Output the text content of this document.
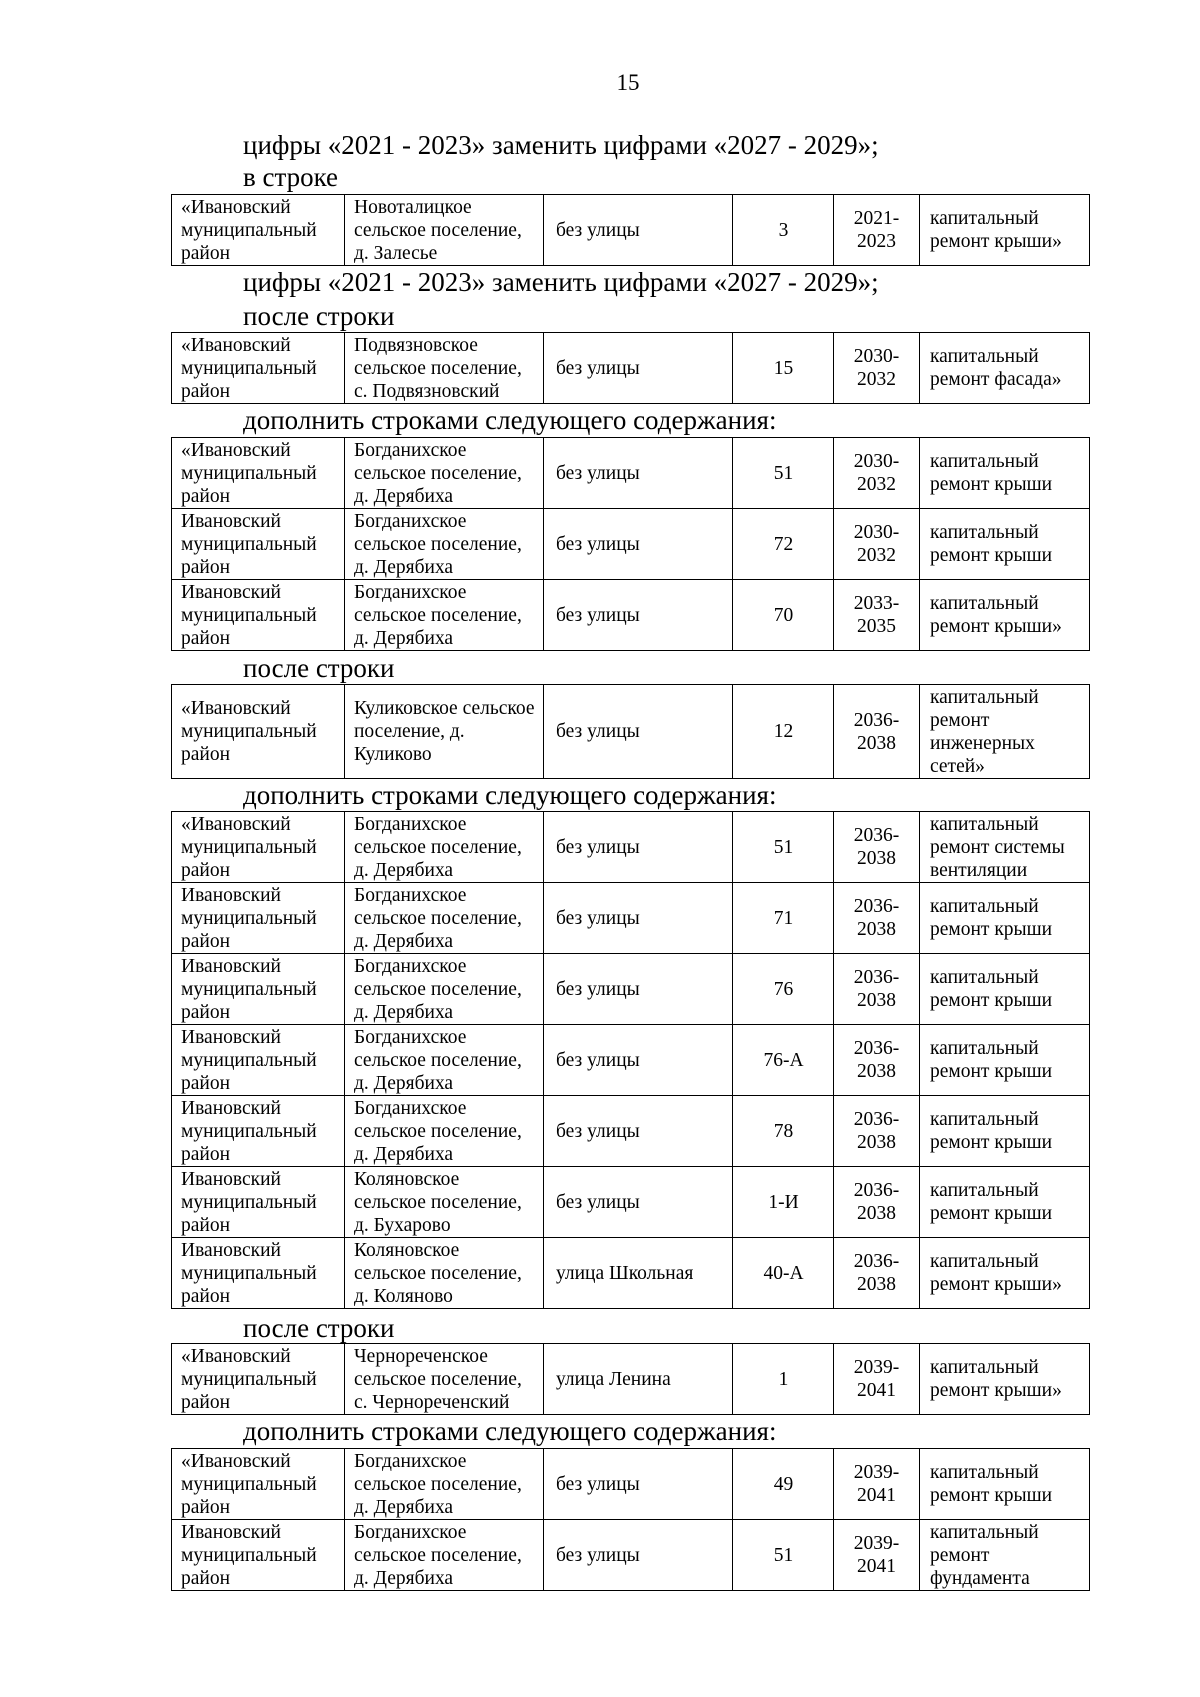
15
цифры «2021 - 2023» заменить цифрами «2027 - 2029»;
в строке
«Ивановский муниципальный район	Новоталицкое сельское поселение, д. Залесье	без улицы	3	2021-2023	капитальный ремонт крыши»
цифры «2021 - 2023» заменить цифрами «2027 - 2029»;
после строки
«Ивановский муниципальный район	Подвязновское сельское поселение, с. Подвязновский	без улицы	15	2030-2032	капитальный ремонт фасада»
дополнить строками следующего содержания:
«Ивановский муниципальный район	Богданихское сельское поселение, д. Дерябиха	без улицы	51	2030-2032	капитальный ремонт крыши
Ивановский муниципальный район	Богданихское сельское поселение, д. Дерябиха	без улицы	72	2030-2032	капитальный ремонт крыши
Ивановский муниципальный район	Богданихское сельское поселение, д. Дерябиха	без улицы	70	2033-2035	капитальный ремонт крыши»
после строки
«Ивановский муниципальный район	Куликовское сельское поселение, д. Куликово	без улицы	12	2036-2038	капитальный ремонт инженерных сетей»
дополнить строками следующего содержания:
«Ивановский муниципальный район	Богданихское сельское поселение, д. Дерябиха	без улицы	51	2036-2038	капитальный ремонт системы вентиляции
Ивановский муниципальный район	Богданихское сельское поселение, д. Дерябиха	без улицы	71	2036-2038	капитальный ремонт крыши
Ивановский муниципальный район	Богданихское сельское поселение, д. Дерябиха	без улицы	76	2036-2038	капитальный ремонт крыши
Ивановский муниципальный район	Богданихское сельское поселение, д. Дерябиха	без улицы	76-А	2036-2038	капитальный ремонт крыши
Ивановский муниципальный район	Богданихское сельское поселение, д. Дерябиха	без улицы	78	2036-2038	капитальный ремонт крыши
Ивановский муниципальный район	Коляновское сельское поселение, д. Бухарово	без улицы	1-И	2036-2038	капитальный ремонт крыши
Ивановский муниципальный район	Коляновское сельское поселение, д. Коляново	улица Школьная	40-А	2036-2038	капитальный ремонт крыши»
после строки
«Ивановский муниципальный район	Чернореченское сельское поселение, с. Чернореченский	улица Ленина	1	2039-2041	капитальный ремонт крыши»
дополнить строками следующего содержания:
«Ивановский муниципальный район	Богданихское сельское поселение, д. Дерябиха	без улицы	49	2039-2041	капитальный ремонт крыши
Ивановский муниципальный район	Богданихское сельское поселение, д. Дерябиха	без улицы	51	2039-2041	капитальный ремонт фундамента
